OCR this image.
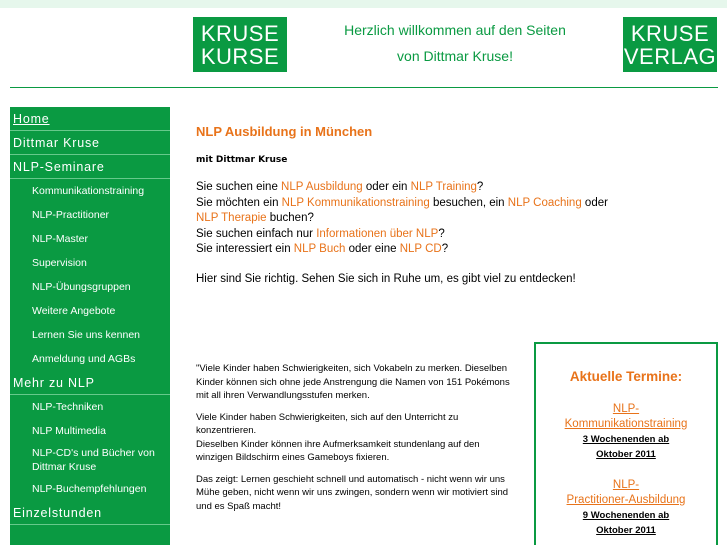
KRUSE
KURSE
Herzlich willkommen auf den Seiten
von Dittmar Kruse!
KRUSE
VERLAG
Home
Dittmar Kruse
NLP-Seminare
Kommunikationstraining
NLP-Practitioner
NLP-Master
Supervision
NLP-Übungsgruppen
Weitere Angebote
Lernen Sie uns kennen
Anmeldung und AGBs
Mehr zu NLP
NLP-Techniken
NLP Multimedia
NLP-CD's und Bücher von Dittmar Kruse
NLP-Buchempfehlungen
Einzelstunden
NLP Ausbildung in München
mit Dittmar Kruse
Sie suchen eine NLP Ausbildung oder ein NLP Training?
Sie möchten ein NLP Kommunikationstraining besuchen, ein NLP Coaching oder
NLP Therapie buchen?
Sie suchen einfach nur Informationen über NLP?
Sie interessiert ein NLP Buch oder eine NLP CD?
Hier sind Sie richtig. Sehen Sie sich in Ruhe um, es gibt viel zu entdecken!

"Viele Kinder haben Schwierigkeiten, sich Vokabeln zu merken. Dieselben Kinder können sich ohne jede Anstrengung die Namen von 151 Pokémons mit all ihren Verwandlungsstufen merken.

Viele Kinder haben Schwierigkeiten, sich auf den Unterricht zu konzentrieren.
Dieselben Kinder können ihre Aufmerksamkeit stundenlang auf den winzigen Bildschirm eines Gameboys fixieren.

Das zeigt: Lernen geschieht schnell und automatisch - nicht wenn wir uns Mühe geben, nicht wenn wir uns zwingen, sondern wenn wir motiviert sind und es Spaß macht!

Aktuelle Termine:
NLP-
Kommunikationstraining
3 Wochenenden ab
Oktober 2011
NLP-
Practitioner-Ausbildung
9 Wochenenden ab
Oktober 2011
